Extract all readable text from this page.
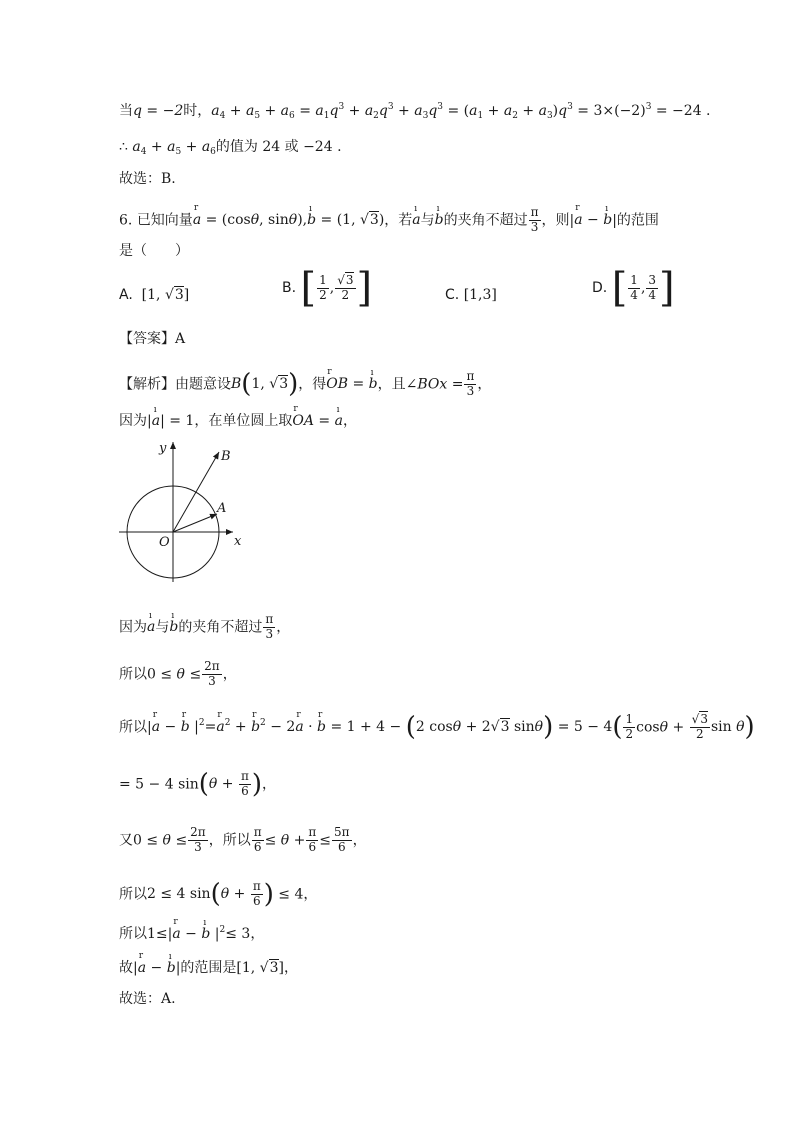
当q = −2时，$a_4 + a_5 + a_6 = a_1q^3 + a_2q^3 + a_3q^3 = (a_1 + a_2 + a_3)q^3 = 3\times(-2)^3 = -24$ .
∴ $a_4 + a_5 + a_6$的值为 24 或 −24 .
故选：B.
6. 已知向量r a = (cosθ, sinθ),ı b = (1, √3)，若ı a与ı b的夹角不超过 $\frac{\pi}{3}$ ，则|r a − ı b|的范围
是（　　）
A.  [1, √3]	B. [ $\frac{1}{2}$ , $\frac{√3}{2}$ ]	C. [1,3]	D. [ $\frac{1}{4}$ , $\frac{3}{4}$ ]
【答案】A
【解析】由题意设B(1, √3)，得r OB = ı b，且∠BOx = $\frac{\pi}{3}$ ，
因为|ı a| = 1，在单位圆上取r OA = ı a，
y
x
O
B
A
因为ı a与ı b的夹角不超过 $\frac{\pi}{3}$ ，
所以$0 \le \theta \le \frac{2\pi}{3}$ ，
所以|r a − r b $|^2=r$ $a^2 + r$ $b^2 - 2r$ a · r b = 1 + 4 − (2 cosθ + 2√3 $\sin\theta) = 5 - 4( \frac{1}{2}$ $\cos\theta + \frac{√3}{2}$ sin θ)
= 5 − 4 $\sin(\theta + \frac{\pi}{6}$ )，
又$0 \le \theta \le \frac{2\pi}{3}$ ，所以 $\frac{\pi}{6} \le \theta + \frac{\pi}{6} \le \frac{5\pi}{6}$ ，
所以2 ≤ 4 $\sin(\theta + \frac{\pi}{6}$ ) ≤ 4，
所以1≤|r a − ı b $|^2\le 3$，
故|r a − ı b|的范围是[1, √3]，
故选：A.
